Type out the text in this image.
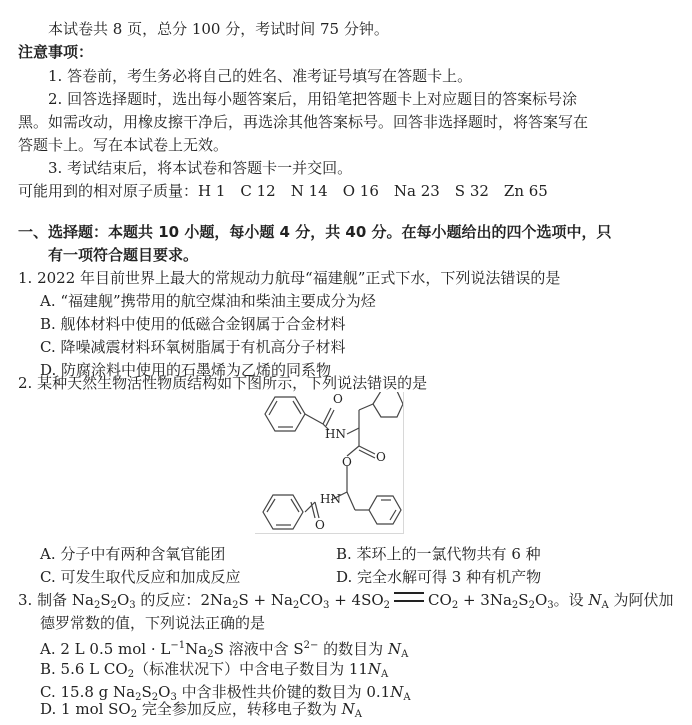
本试卷共 8 页，总分 100 分，考试时间 75 分钟。
注意事项：
1. 答卷前，考生务必将自己的姓名、准考证号填写在答题卡上。
2. 回答选择题时，选出每小题答案后，用铅笔把答题卡上对应题目的答案标号涂
黑。如需改动，用橡皮擦干净后，再选涂其他答案标号。回答非选择题时，将答案写在
答题卡上。写在本试卷上无效。
3. 考试结束后，将本试卷和答题卡一并交回。
可能用到的相对原子质量：H 1　C 12　N 14　O 16　Na 23　S 32　Zn 65
一、选择题：本题共 10 小题，每小题 4 分，共 40 分。在每小题给出的四个选项中，只
有一项符合题目要求。
1. 2022 年目前世界上最大的常规动力航母“福建舰”正式下水，下列说法错误的是
A. “福建舰”携带用的航空煤油和柴油主要成分为烃
B. 舰体材料中使用的低磁合金钢属于合金材料
C. 降噪减震材料环氧树脂属于有机高分子材料
D. 防腐涂料中使用的石墨烯为乙烯的同系物
2. 某种天然生物活性物质结构如下图所示，下列说法错误的是
O
HN
O
O
HN
O
A. 分子中有两种含氧官能团	B. 苯环上的一氯代物共有 6 种
C. 可发生取代反应和加成反应	D. 完全水解可得 3 种有机产物
3. 制备 $Na_2S_2O_3$ 的反应：$2Na_2S + Na_2CO_3 + 4SO_2$	$CO_2 + 3Na_2S_2O_3$。设 $N_A$ 为阿伏加
德罗常数的值，下列说法正确的是
A. 2 L 0.5 mol · $L^{-1}Na_2S$ 溶液中含 $S^{2-}$ 的数目为 $N_A$
B. 5.6 L $CO_2$（标准状况下）中含电子数目为 $11N_A$
C. 15.8 g $Na_2S_2O_3$ 中含非极性共价键的数目为 $0.1N_A$
D. 1 mol $SO_2$ 完全参加反应，转移电子数为 $N_A$
